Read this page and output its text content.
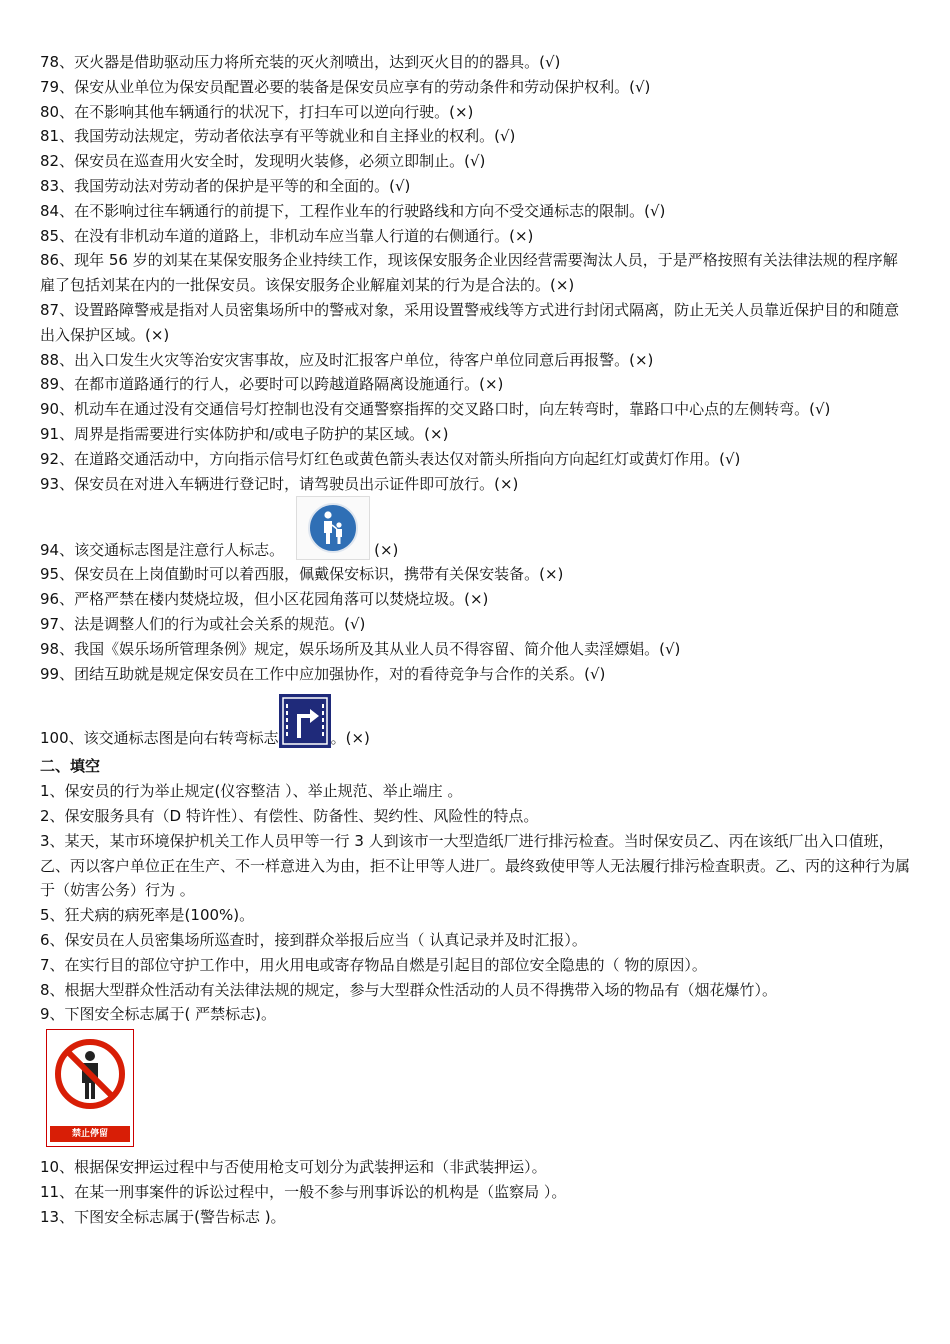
78、灭火器是借助驱动压力将所充装的灭火剂喷出，达到灭火目的的器具。(√)
79、保安从业单位为保安员配置必要的装备是保安员应享有的劳动条件和劳动保护权利。(√)
80、在不影响其他车辆通行的状况下，打扫车可以逆向行驶。(×)
81、我国劳动法规定，劳动者依法享有平等就业和自主择业的权利。(√)
82、保安员在巡查用火安全时，发现明火装修，必须立即制止。(√)
83、我国劳动法对劳动者的保护是平等的和全面的。(√)
84、在不影响过往车辆通行的前提下，工程作业车的行驶路线和方向不受交通标志的限制。(√)
85、在没有非机动车道的道路上，非机动车应当靠人行道的右侧通行。(×)
86、现年 56 岁的刘某在某保安服务企业持续工作，现该保安服务企业因经营需要淘汰人员，于是严格按照有关法律法规的程序解雇了包括刘某在内的一批保安员。该保安服务企业解雇刘某的行为是合法的。(×)
87、设置路障警戒是指对人员密集场所中的警戒对象，采用设置警戒线等方式进行封闭式隔离，防止无关人员靠近保护目的和随意出入保护区域。(×)
88、出入口发生火灾等治安灾害事故，应及时汇报客户单位，待客户单位同意后再报警。(×)
89、在都市道路通行的行人，必要时可以跨越道路隔离设施通行。(×)
90、机动车在通过没有交通信号灯控制也没有交通警察指挥的交叉路口时，向左转弯时，靠路口中心点的左侧转弯。(√)
91、周界是指需要进行实体防护和/或电子防护的某区域。(×)
92、在道路交通活动中，方向指示信号灯红色或黄色箭头表达仅对箭头所指向方向起红灯或黄灯作用。(√)
93、保安员在对进入车辆进行登记时，请驾驶员出示证件即可放行。(×)
94、该交通标志图是注意行人标志。	(×)
95、保安员在上岗值勤时可以着西服，佩戴保安标识，携带有关保安装备。(×)
96、严格严禁在楼内焚烧垃圾，但小区花园角落可以焚烧垃圾。(×)
97、法是调整人们的行为或社会关系的规范。(√)
98、我国《娱乐场所管理条例》规定，娱乐场所及其从业人员不得容留、简介他人卖淫嫖娼。(√)
99、团结互助就是规定保安员在工作中应加强协作，对的看待竞争与合作的关系。(√)
100、该交通标志图是向右转弯标志	。(×)
二、填空
1、保安员的行为举止规定(仪容整洁 ）、举止规范、举止端庄 。
2、保安服务具有（D 特许性）、有偿性、防备性、契约性、风险性的特点。
3、某天，某市环境保护机关工作人员甲等一行 3 人到该市一大型造纸厂进行排污检查。当时保安员乙、丙在该纸厂出入口值班，乙、丙以客户单位正在生产、不一样意进入为由，拒不让甲等人进厂。最终致使甲等人无法履行排污检查职责。乙、丙的这种行为属于（妨害公务）行为 。
5、狂犬病的病死率是(100%)。
6、保安员在人员密集场所巡查时，接到群众举报后应当（ 认真记录并及时汇报）。
7、在实行目的部位守护工作中，用火用电或寄存物品自燃是引起目的部位安全隐患的（ 物的原因）。
8、根据大型群众性活动有关法律法规的规定，参与大型群众性活动的人员不得携带入场的物品有（烟花爆竹）。
9、下图安全标志属于( 严禁标志)。
禁止停留
10、根据保安押运过程中与否使用枪支可划分为武装押运和（非武装押运）。
11、在某一刑事案件的诉讼过程中，一般不参与刑事诉讼的机构是（监察局 ）。
13、下图安全标志属于(警告标志 )。
